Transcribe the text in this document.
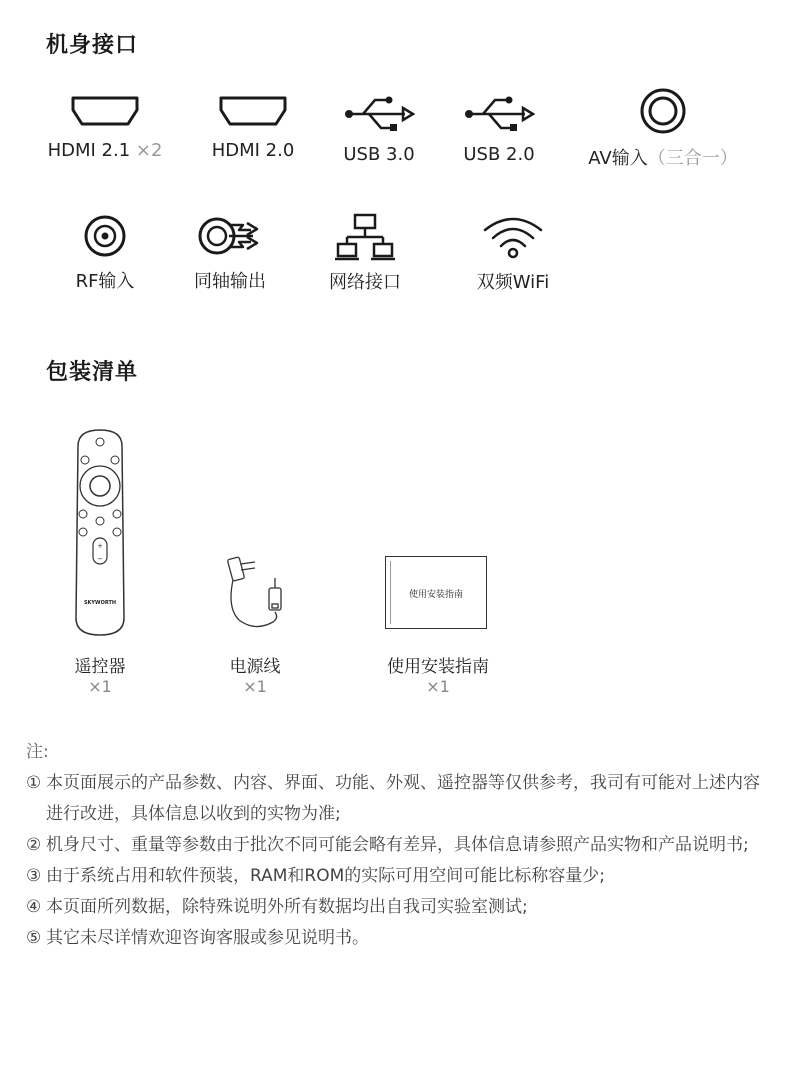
机身接口
HDMI 2.1 ×2	HDMI 2.0	USB 3.0	USB 2.0	AV输入（三合一）
RF输入	同轴输出	网络接口	双频WiFi
包装清单
+
−
SKYWORTH
遥控器
×1
电源线
×1
使用安装指南
使用安装指南
×1
注:
① 本页面展示的产品参数、内容、界面、功能、外观、遥控器等仅供参考，我司有可能对上述内容进行改进，具体信息以收到的实物为准;
② 机身尺寸、重量等参数由于批次不同可能会略有差异，具体信息请参照产品实物和产品说明书;
③ 由于系统占用和软件预装，RAM和ROM的实际可用空间可能比标称容量少;
④ 本页面所列数据，除特殊说明外所有数据均出自我司实验室测试;
⑤ 其它未尽详情欢迎咨询客服或参见说明书。
